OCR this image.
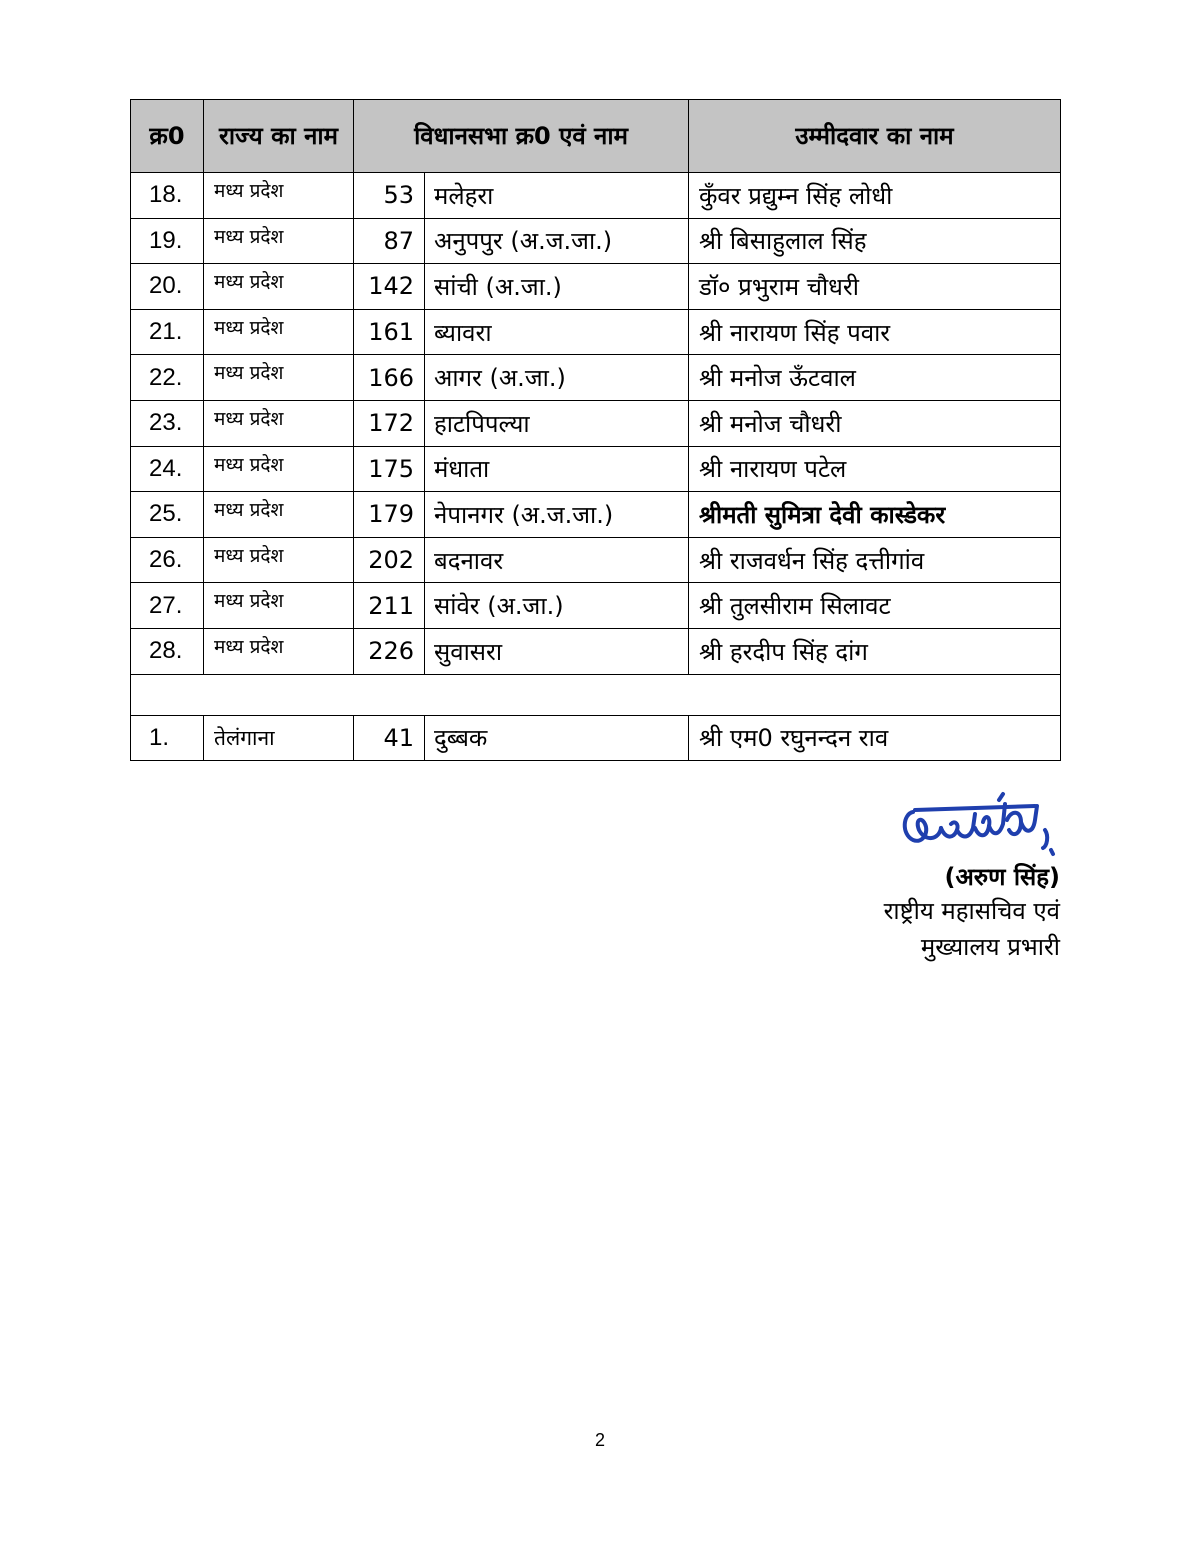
क्र0	राज्य का नाम	विधानसभा क्र0 एवं नाम		उम्मीदवार का नाम
18.	मध्य प्रदेश	53	मलेहरा	कुँवर प्रद्युम्न सिंह लोधी
19.	मध्य प्रदेश	87	अनुपपुर (अ.ज.जा.)	श्री बिसाहुलाल सिंह
20.	मध्य प्रदेश	142	सांची (अ.जा.)	डॉ० प्रभुराम चौधरी
21.	मध्य प्रदेश	161	ब्यावरा	श्री नारायण सिंह पवार
22.	मध्य प्रदेश	166	आगर (अ.जा.)	श्री मनोज ऊँटवाल
23.	मध्य प्रदेश	172	हाटपिपल्या	श्री मनोज चौधरी
24.	मध्य प्रदेश	175	मंधाता	श्री नारायण पटेल
25.	मध्य प्रदेश	179	नेपानगर (अ.ज.जा.)	श्रीमती सुमित्रा देवी कास्डेकर
26.	मध्य प्रदेश	202	बदनावर	श्री राजवर्धन सिंह दत्तीगांव
27.	मध्य प्रदेश	211	सांवेर (अ.जा.)	श्री तुलसीराम सिलावट
28.	मध्य प्रदेश	226	सुवासरा	श्री हरदीप सिंह दांग

1.	तेलंगाना	41	दुब्बक	श्री एम0 रघुनन्दन राव
(अरुण सिंह)
राष्ट्रीय महासचिव एवं
मुख्यालय प्रभारी
2
